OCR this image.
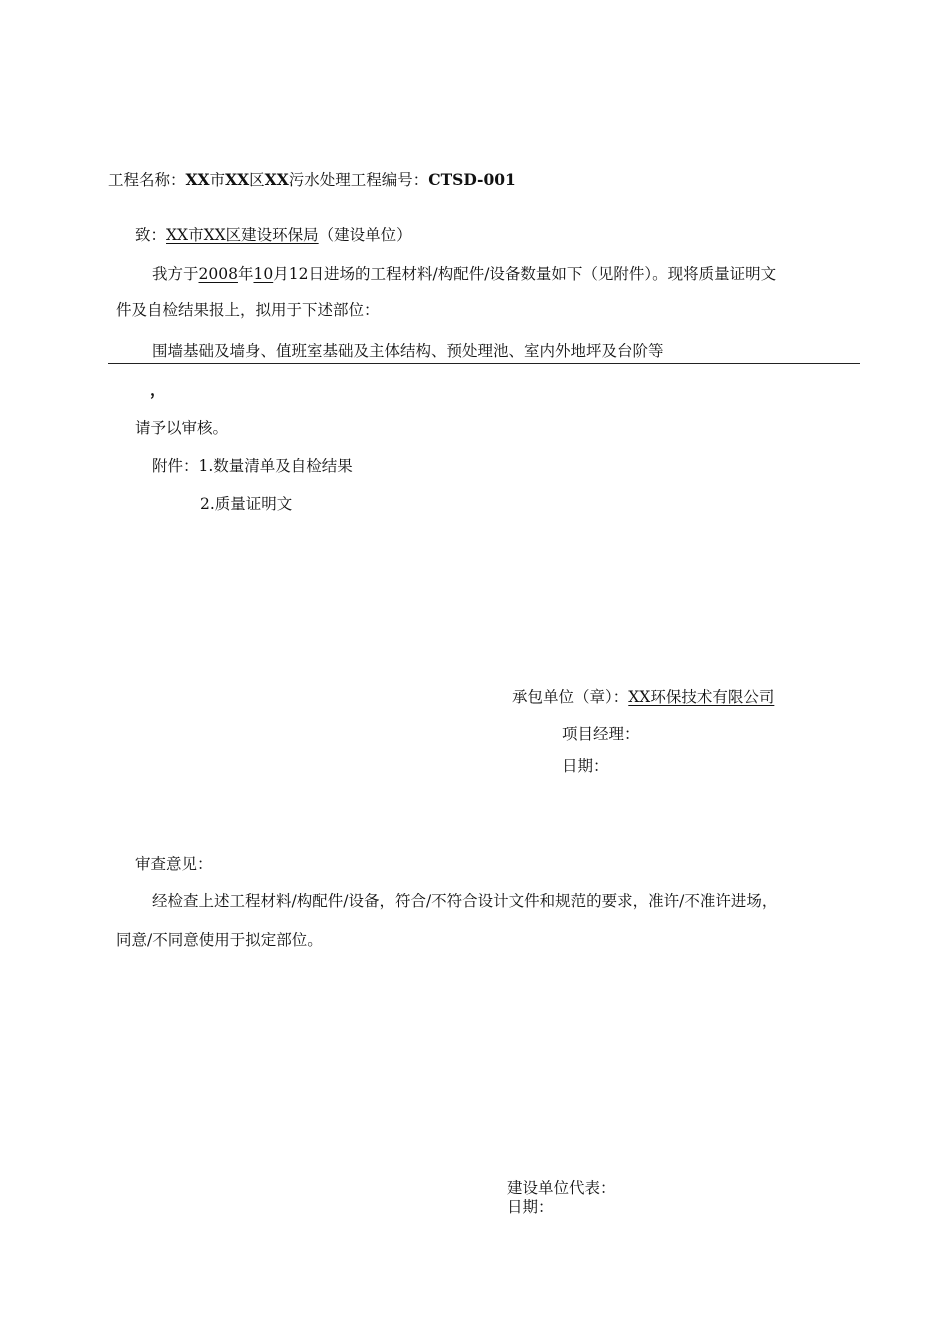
工程名称：XX市XX区XX污水处理工程编号：CTSD-001
致：XX市XX区建设环保局（建设单位）
我方于2008年10月12日进场的工程材料/构配件/设备数量如下（见附件）。现将质量证明文
件及自检结果报上，拟用于下述部位：
围墙基础及墙身、值班室基础及主体结构、预处理池、室内外地坪及台阶等
，
请予以审核。
附件：1.数量清单及自检结果
2.质量证明文
承包单位（章）：XX环保技术有限公司
项目经理：
日期：
审查意见：
经检查上述工程材料/构配件/设备，符合/不符合设计文件和规范的要求，准许/不准许进场，
同意/不同意使用于拟定部位。
建设单位代表：
日期：
